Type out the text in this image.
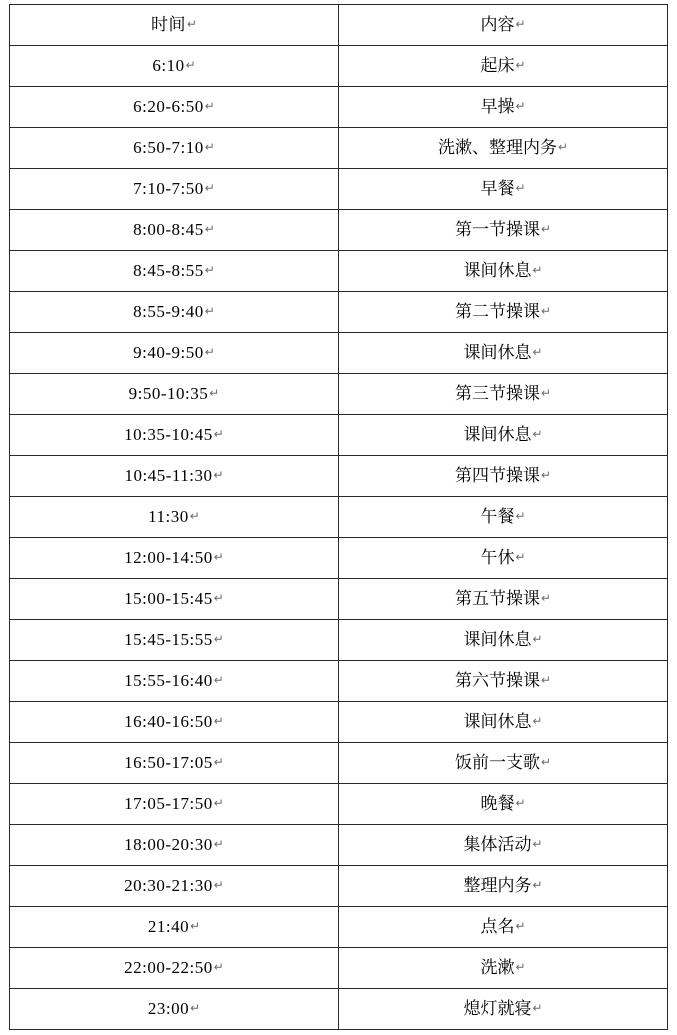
时间↵	内容↵
6:10↵	起床↵
6:20-6:50↵	早操↵
6:50-7:10↵	洗漱、整理内务↵
7:10-7:50↵	早餐↵
8:00-8:45↵	第一节操课↵
8:45-8:55↵	课间休息↵
8:55-9:40↵	第二节操课↵
9:40-9:50↵	课间休息↵
9:50-10:35↵	第三节操课↵
10:35-10:45↵	课间休息↵
10:45-11:30↵	第四节操课↵
11:30↵	午餐↵
12:00-14:50↵	午休↵
15:00-15:45↵	第五节操课↵
15:45-15:55↵	课间休息↵
15:55-16:40↵	第六节操课↵
16:40-16:50↵	课间休息↵
16:50-17:05↵	饭前一支歌↵
17:05-17:50↵	晚餐↵
18:00-20:30↵	集体活动↵
20:30-21:30↵	整理内务↵
21:40↵	点名↵
22:00-22:50↵	洗漱↵
23:00↵	熄灯就寝↵
